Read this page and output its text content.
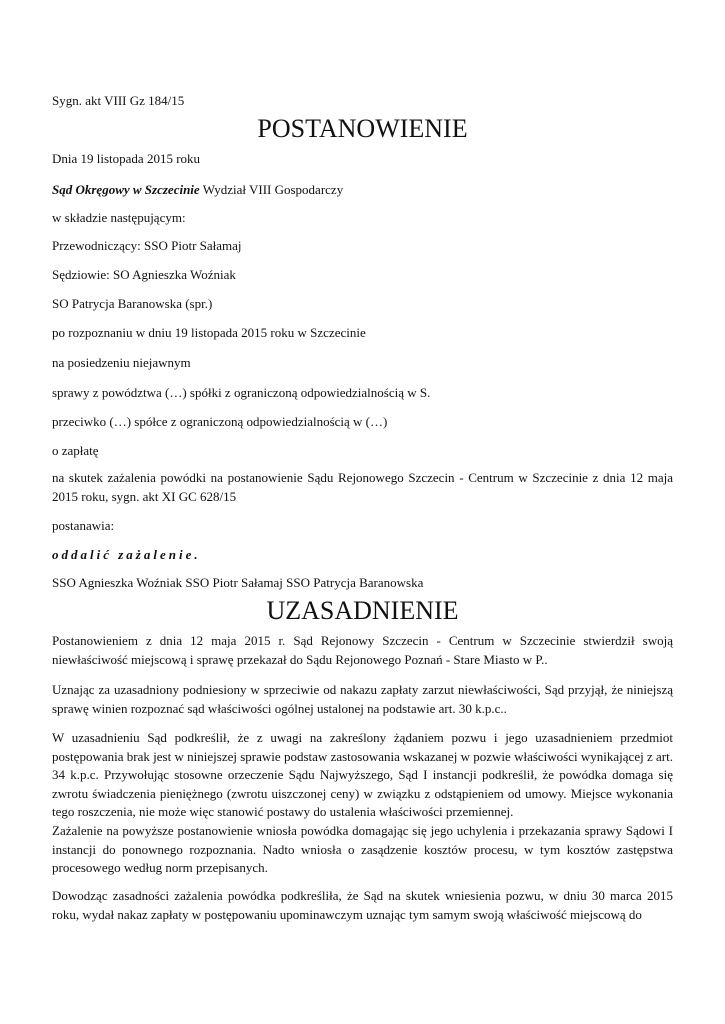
Sygn. akt VIII Gz 184/15
POSTANOWIENIE
Dnia 19 listopada 2015 roku
Sąd Okręgowy w Szczecinie Wydział VIII Gospodarczy
w składzie następującym:
Przewodniczący: SSO Piotr Sałamaj
Sędziowie: SO Agnieszka Woźniak
SO Patrycja Baranowska (spr.)
po rozpoznaniu w dniu 19 listopada 2015 roku w Szczecinie
na posiedzeniu niejawnym
sprawy z powództwa (…) spółki z ograniczoną odpowiedzialnością w S.
przeciwko (…) spółce z ograniczoną odpowiedzialnością w (…)
o zapłatę
na skutek zażalenia powódki na postanowienie Sądu Rejonowego Szczecin - Centrum w Szczecinie z dnia 12 maja 2015 roku, sygn. akt XI GC 628/15
postanawia:
oddalić zażalenie.
SSO Agnieszka Woźniak SSO Piotr Sałamaj SSO Patrycja Baranowska
UZASADNIENIE
Postanowieniem z dnia 12 maja 2015 r. Sąd Rejonowy Szczecin - Centrum w Szczecinie stwierdził swoją niewłaściwość miejscową i sprawę przekazał do Sądu Rejonowego Poznań - Stare Miasto w P..
Uznając za uzasadniony podniesiony w sprzeciwie od nakazu zapłaty zarzut niewłaściwości, Sąd przyjął, że niniejszą sprawę winien rozpoznać sąd właściwości ogólnej ustalonej na podstawie art. 30 k.p.c..
W uzasadnieniu Sąd podkreślił, że z uwagi na zakreślony żądaniem pozwu i jego uzasadnieniem przedmiot postępowania brak jest w niniejszej sprawie podstaw zastosowania wskazanej w pozwie właściwości wynikającej z art. 34 k.p.c. Przywołując stosowne orzeczenie Sądu Najwyższego, Sąd I instancji podkreślił, że powódka domaga się zwrotu świadczenia pieniężnego (zwrotu uiszczonej ceny) w związku z odstąpieniem od umowy. Miejsce wykonania tego roszczenia, nie może więc stanowić postawy do ustalenia właściwości przemiennej.
Zażalenie na powyższe postanowienie wniosła powódka domagając się jego uchylenia i przekazania sprawy Sądowi I instancji do ponownego rozpoznania. Nadto wniosła o zasądzenie kosztów procesu, w tym kosztów zastępstwa procesowego według norm przepisanych.
Dowodząc zasadności zażalenia powódka podkreśliła, że Sąd na skutek wniesienia pozwu, w dniu 30 marca 2015 roku, wydał nakaz zapłaty w postępowaniu upominawczym uznając tym samym swoją właściwość miejscową do
